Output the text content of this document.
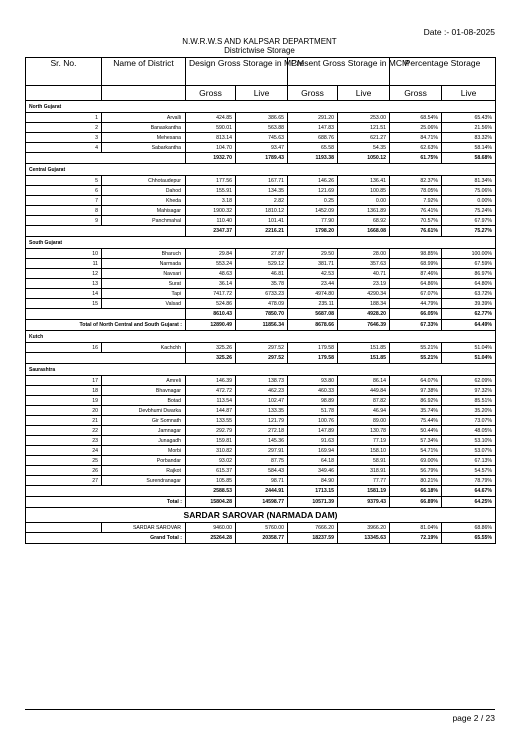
Date :- 01-08-2025
N.W.R.W.S AND KALPSAR DEPARTMENT
Districtwise Storage
Sr. No.	Name of District	Design Gross Storage in MCM		Present Gross Storage in MCM		Percentage Storage	
		Gross	Live	Gross	Live	Gross	Live
North Gujarat							
1	Arvalli	424.85	386.65	291.20	253.00	68.54%	65.43%
2	Banaskantha	590.01	563.88	147.83	121.51	25.06%	21.56%
3	Mehesana	813.14	745.63	688.76	621.27	84.71%	83.32%
4	Sabarkantha	104.70	93.47	65.58	54.35	62.63%	58.14%
		1932.70	1789.43	1193.38	1050.12	61.75%	58.68%
Central Gujarat							
5	Chhotaudepur	177.56	167.71	146.26	136.41	82.37%	81.34%
6	Dahod	155.91	134.35	121.69	100.85	78.05%	75.06%
7	Kheda	3.18	2.82	0.25	0.00	7.92%	0.00%
8	Mahisagar	1900.32	1810.12	1452.09	1361.89	76.41%	75.24%
9	Panchmahal	110.40	101.41	77.90	68.92	70.57%	67.97%
		2347.37	2216.21	1798.20	1668.08	76.61%	75.27%
South Gujarat							
10	Bharuch	29.84	27.87	29.50	28.00	98.85%	100.00%
11	Narmada	553.24	529.12	381.71	357.63	68.99%	67.59%
12	Navsari	48.63	46.81	42.53	40.71	87.46%	86.97%
13	Surat	36.14	35.78	23.44	23.19	64.86%	64.80%
14	Tapi	7417.72	6733.23	4974.80	4290.34	67.07%	63.72%
15	Valsad	524.86	478.09	235.11	188.34	44.79%	39.39%
		8610.43	7850.70	5687.08	4928.20	66.05%	62.77%
Total of North Central and South Gujarat :		12890.49	11856.34	8678.66	7646.39	67.33%	64.49%
Kutch							
16	Kachchh	325.26	297.52	179.58	151.85	55.21%	51.04%
		325.26	297.52	179.58	151.85	55.21%	51.04%
Saurashtra							
17	Amreli	146.39	138.73	93.80	86.14	64.07%	62.09%
18	Bhavnagar	472.72	462.23	460.33	449.84	97.38%	97.32%
19	Botad	113.54	102.47	98.89	87.82	86.92%	85.51%
20	Devbhumi Dwarka	144.87	133.35	51.78	46.94	35.74%	35.20%
21	Gir Somnath	133.55	121.79	100.76	89.00	75.44%	73.07%
22	Jamnagar	292.79	272.18	147.89	130.78	50.44%	48.05%
23	Junagadh	159.81	145.36	91.63	77.19	57.34%	53.10%
24	Morbi	310.82	297.91	169.94	158.10	54.71%	53.07%
25	Porbandar	93.02	87.75	64.18	58.91	69.00%	67.13%
26	Rajkot	615.37	584.43	349.46	318.91	56.79%	54.57%
27	Surendranagar	105.85	98.71	84.90	77.77	80.21%	78.79%
		2588.53	2444.91	1713.15	1581.19	66.18%	64.67%
Total :		15804.28	14598.77	10571.39	9379.43	66.89%	64.25%
SARDAR SAROVAR (NARMADA DAM)							
	SARDAR SAROVAR	9460.00	5760.00	7666.20	3966.20	81.04%	68.86%
Grand Total :		25264.28	20358.77	18237.59	13345.63	72.19%	65.55%
page 2 / 23
